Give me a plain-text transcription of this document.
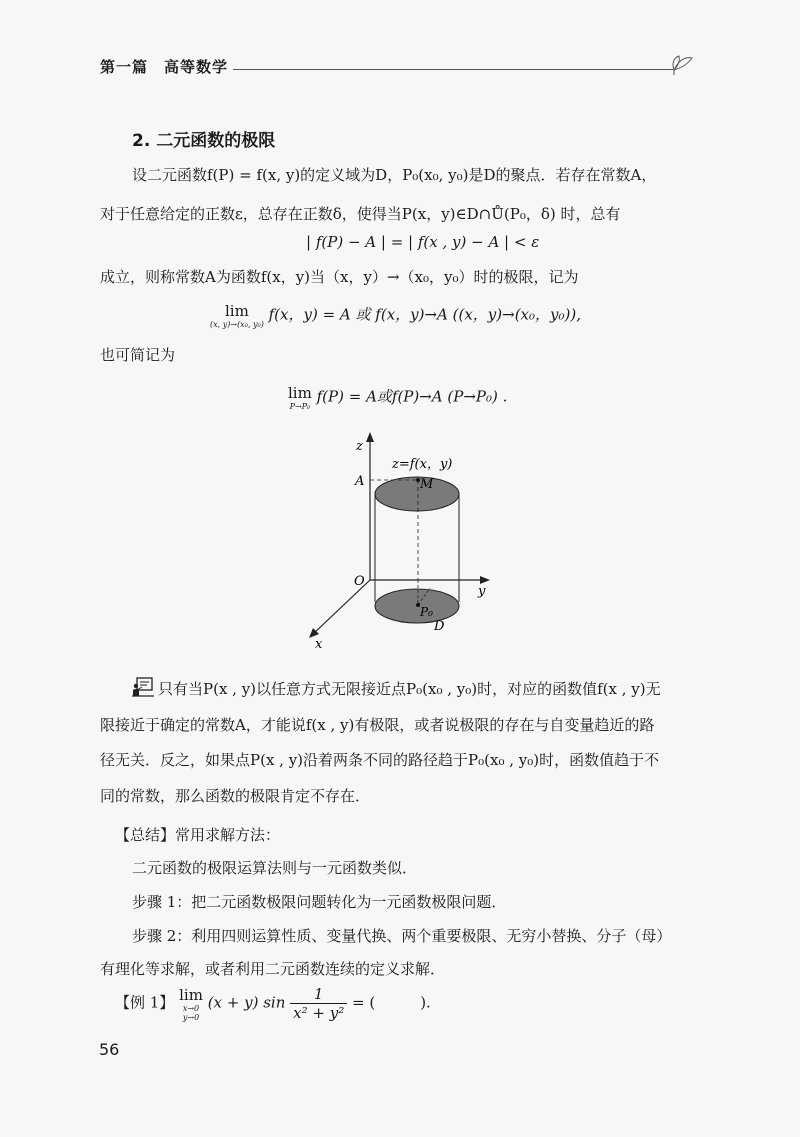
第一篇　高等数学
2. 二元函数的极限
设二元函数f(P) = f(x, y)的定义域为D，P₀(x₀, y₀)是D的聚点．若存在常数A，
对于任意给定的正数ε，总存在正数δ，使得当P(x，y)∈D∩Ů(P₀，δ) 时，总有
| f(P) − A | = | f(x , y) − A | < ε
成立，则称常数A为函数f(x，y)当（x，y）→（x₀，y₀）时的极限，记为
lim
(x, y)→(x₀, y₀)
f(x，y) = A 或 f(x，y)→A ((x，y)→(x₀，y₀)),
也可简记为
lim
P→P₀
f(P) = A或f(P)→A (P→P₀) .
z
y
x
O
A	M
P₀
D
z=f(x，y)
只有当P(x , y)以任意方式无限接近点P₀(x₀ , y₀)时，对应的函数值f(x , y)无
限接近于确定的常数A，才能说f(x , y)有极限，或者说极限的存在与自变量趋近的路
径无关．反之，如果点P(x , y)沿着两条不同的路径趋于P₀(x₀ , y₀)时，函数值趋于不
同的常数，那么函数的极限肯定不存在．
【总结】常用求解方法：
二元函数的极限运算法则与一元函数类似．
步骤 1：把二元函数极限问题转化为一元函数极限问题．
步骤 2：利用四则运算性质、变量代换、两个重要极限、无穷小替换、分子（母）
有理化等求解，或者利用二元函数连续的定义求解．
【例 1】 lim
x→0
y→0
(x + y) $\sin \frac{1}{\text{x² + y²}}$ = (　　　).
56
